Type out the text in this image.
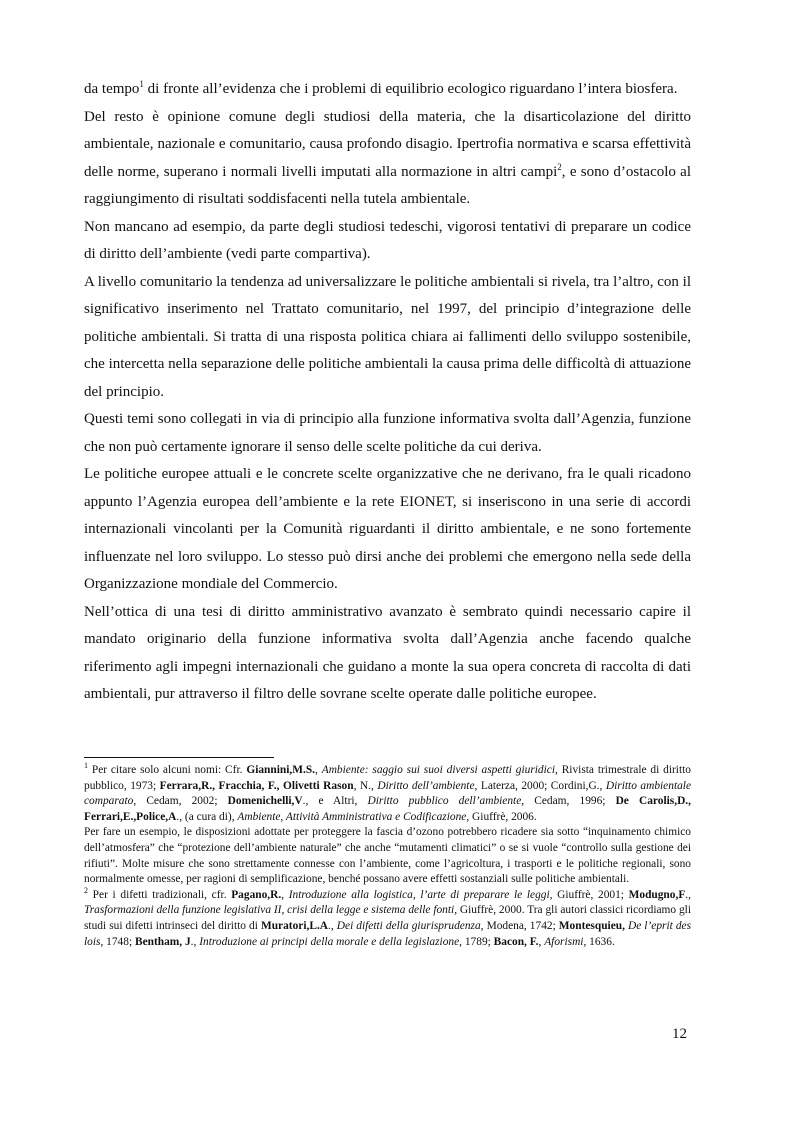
da tempo$^1$ di fronte all’evidenza che i problemi di equilibrio ecologico riguardano l’intera biosfera.

Del resto è opinione comune degli studiosi della materia, che la disarticolazione del diritto ambientale, nazionale e comunitario, causa profondo disagio. Ipertrofia normativa e scarsa effettività delle norme, superano i normali livelli imputati alla normazione in altri campi$^2$, e sono d’ostacolo al raggiungimento di risultati soddisfacenti nella tutela ambientale.

Non mancano ad esempio, da parte degli studiosi tedeschi, vigorosi tentativi di preparare un codice di diritto dell’ambiente (vedi parte compartiva).

A livello comunitario la tendenza ad universalizzare le politiche ambientali si rivela, tra l’altro, con il significativo inserimento nel Trattato comunitario, nel 1997, del principio d’integrazione delle politiche ambientali. Si tratta di una risposta politica chiara ai fallimenti dello sviluppo sostenibile, che intercetta nella separazione delle politiche ambientali la causa prima delle difficoltà di attuazione del principio.

Questi temi sono collegati in via di principio alla funzione informativa svolta dall’Agenzia, funzione che non può certamente ignorare il senso delle scelte politiche da cui deriva.

Le politiche europee attuali e le concrete scelte organizzative che ne derivano, fra le quali ricadono appunto l’Agenzia europea dell’ambiente e la rete EIONET, si inseriscono in una serie di accordi internazionali vincolanti per la Comunità riguardanti il diritto ambientale, e ne sono fortemente influenzate nel loro sviluppo. Lo stesso può dirsi anche dei problemi che emergono nella sede della Organizzazione mondiale del Commercio.

Nell’ottica di una tesi di diritto amministrativo avanzato è sembrato quindi necessario capire il mandato originario della funzione informativa svolta dall’Agenzia anche facendo qualche riferimento agli impegni internazionali che guidano a monte la sua opera concreta di raccolta di dati ambientali, pur attraverso il filtro delle sovrane scelte operate dalle politiche europee.

$^1$ Per citare solo alcuni nomi: Cfr. Giannini,M.S., Ambiente: saggio sui suoi diversi aspetti giuridici, Rivista trimestrale di diritto pubblico, 1973; Ferrara,R., Fracchia, F., Olivetti Rason, N., Diritto dell’ambiente, Laterza, 2000; Cordini,G., Diritto ambientale comparato, Cedam, 2002; Domenichelli,V., e Altri, Diritto pubblico dell’ambiente, Cedam, 1996; De Carolis,D., Ferrari,E.,Police,A., (a cura di), Ambiente, Attività Amministrativa e Codificazione, Giuffrè, 2006.

Per fare un esempio, le disposizioni adottate per proteggere la fascia d’ozono potrebbero ricadere sia sotto “inquinamento chimico dell’atmosfera” che “protezione dell’ambiente naturale” che anche “mutamenti climatici” o se si vuole “controllo sulla gestione dei rifiuti”. Molte misure che sono strettamente connesse con l’ambiente, come l’agricoltura, i trasporti e le politiche regionali, sono normalmente omesse, per ragioni di semplificazione, benché possano avere effetti sostanziali sulle politiche ambientali.

$^2$ Per i difetti tradizionali, cfr. Pagano,R., Introduzione alla logistica, l’arte di preparare le leggi, Giuffrè, 2001; Modugno,F., Trasformazioni della funzione legislativa II, crisi della legge e sistema delle fonti, Giuffrè, 2000. Tra gli autori classici ricordiamo gli studi sui difetti intrinseci del diritto di Muratori,L.A., Dei difetti della giurisprudenza, Modena, 1742; Montesquieu, De l’eprit des lois, 1748; Bentham, J., Introduzione ai principi della morale e della legislazione, 1789; Bacon, F., Aforismi, 1636.

12
